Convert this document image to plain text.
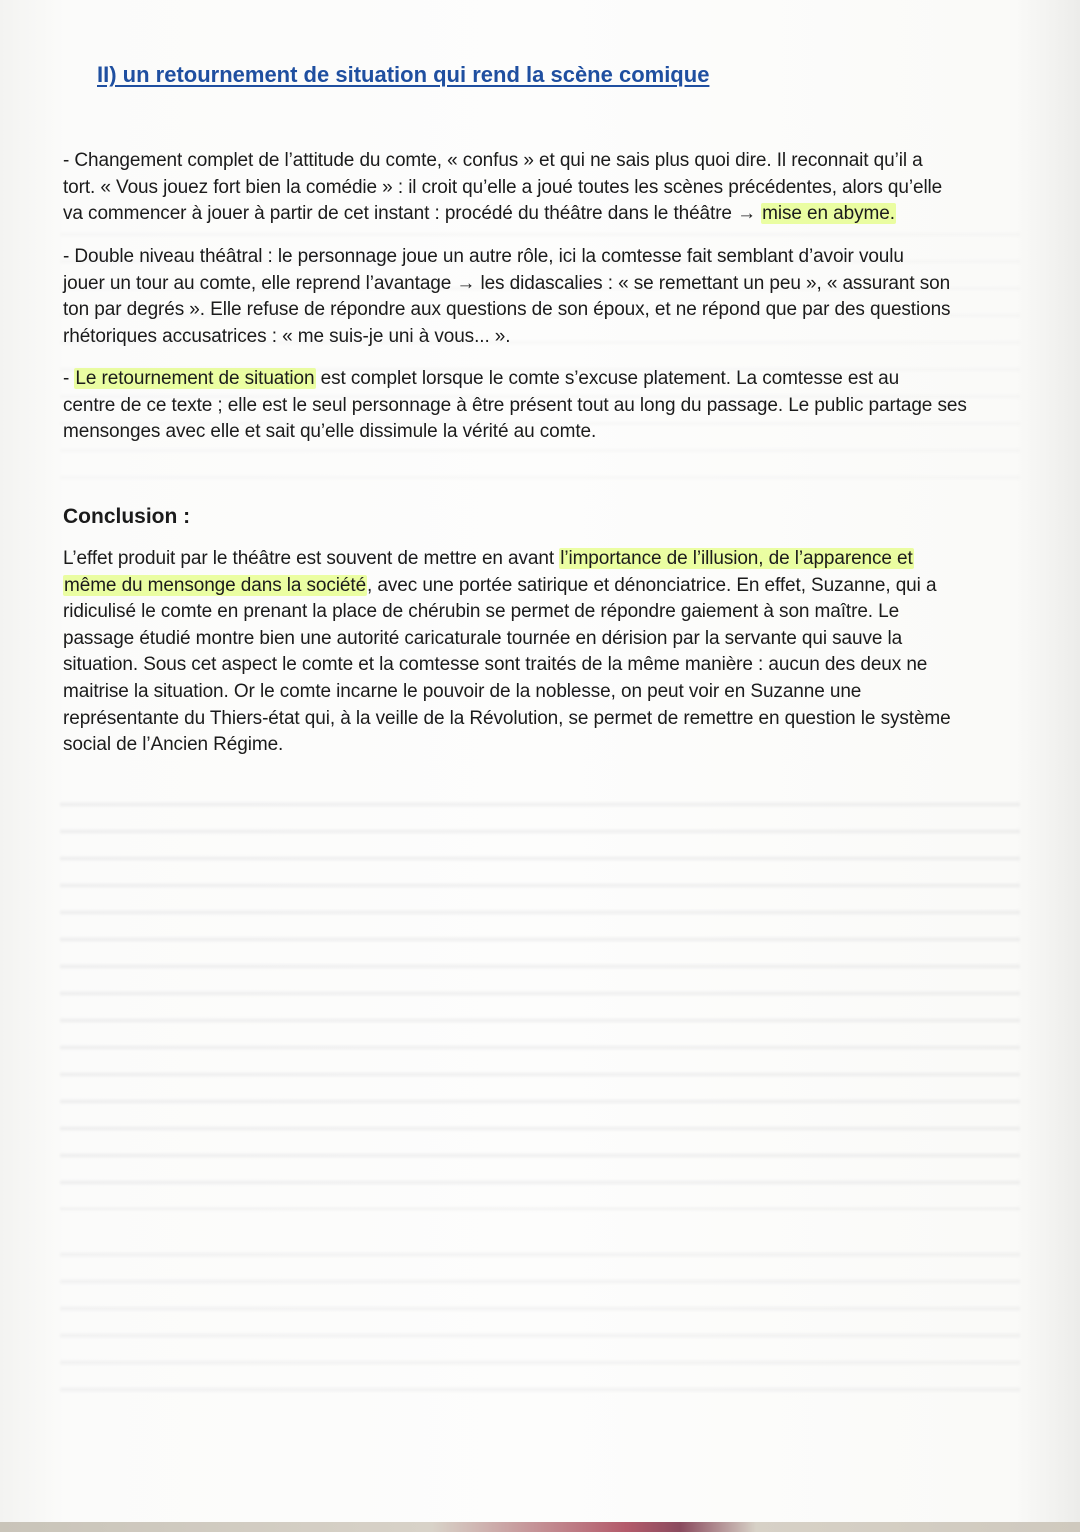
II) un retournement de situation qui rend la scène comique
- Changement complet de l’attitude du comte, « confus » et qui ne sais plus quoi dire. Il reconnait qu’il a
tort. « Vous jouez fort bien la comédie » : il croit qu’elle a joué toutes les scènes précédentes, alors qu’elle
va commencer à jouer à partir de cet instant : procédé du théâtre dans le théâtre → mise en abyme.
- Double niveau théâtral : le personnage joue un autre rôle, ici la comtesse fait semblant d’avoir voulu
jouer un tour au comte, elle reprend l’avantage → les didascalies : « se remettant un peu », « assurant son
ton par degrés ». Elle refuse de répondre aux questions de son époux, et ne répond que par des questions
rhétoriques accusatrices : « me suis-je uni à vous... ».
- Le retournement de situation est complet lorsque le comte s’excuse platement. La comtesse est au
centre de ce texte ; elle est le seul personnage à être présent tout au long du passage. Le public partage ses
mensonges avec elle et sait qu’elle dissimule la vérité au comte.
Conclusion :
L’effet produit par le théâtre est souvent de mettre en avant l’importance de l’illusion, de l’apparence et
même du mensonge dans la société, avec une portée satirique et dénonciatrice. En effet, Suzanne, qui a
ridiculisé le comte en prenant la place de chérubin se permet de répondre gaiement à son maître. Le
passage étudié montre bien une autorité caricaturale tournée en dérision par la servante qui sauve la
situation. Sous cet aspect le comte et la comtesse sont traités de la même manière : aucun des deux ne
maitrise la situation. Or le comte incarne le pouvoir de la noblesse, on peut voir en Suzanne une
représentante du Thiers-état qui, à la veille de la Révolution, se permet de remettre en question le système
social de l’Ancien Régime.
